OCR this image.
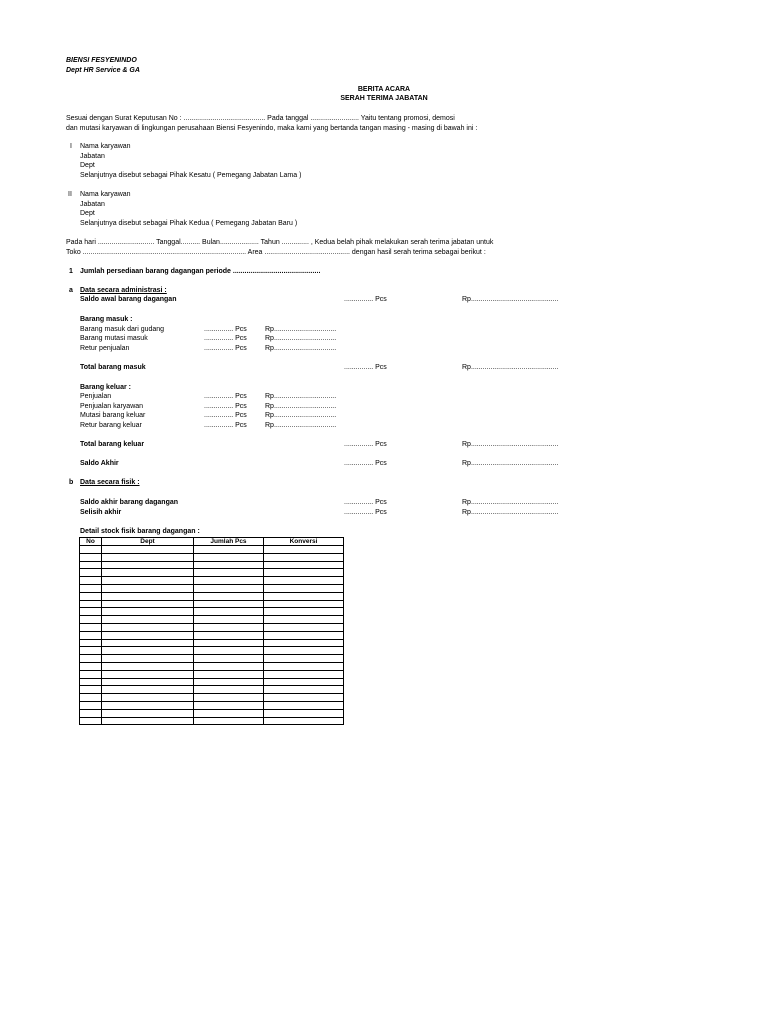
BIENSI FESYENINDO
Dept HR Service & GA
BERITA ACARA
SERAH TERIMA JABATAN
Sesuai dengan Surat Keputusan No : .......................................... Pada tanggal ......................... Yaitu tentang promosi, demosi
dan mutasi karyawan di lingkungan perusahaan Biensi Fesyenindo, maka kami yang bertanda tangan masing - masing di bawah ini :
I Nama karyawan
Jabatan
Dept
Selanjutnya disebut sebagai Pihak Kesatu ( Pemegang Jabatan Lama )
II Nama karyawan
Jabatan
Dept
Selanjutnya disebut sebagai Pihak Kedua ( Pemegang Jabatan Baru )
Pada hari ............................. Tanggal.......... Bulan.................... Tahun .............. , Kedua belah pihak melakukan serah terima jabatan untuk
Toko .................................................................................... Area ............................................ dengan hasil serah terima sebagai berikut :
1 Jumlah persediaan barang dagangan periode .............................................
a Data secara administrasi :
Saldo awal barang dagangan	............... Pcs	Rp.............................................
Barang masuk :
Barang masuk dari gudang	............... Pcs	Rp................................
Barang mutasi masuk	............... Pcs	Rp................................
Retur penjualan	............... Pcs	Rp................................
Total barang masuk	............... Pcs	Rp.............................................
Barang keluar :
Penjualan	............... Pcs	Rp................................
Penjualan karyawan	............... Pcs	Rp................................
Mutasi barang keluar	............... Pcs	Rp................................
Retur barang keluar	............... Pcs	Rp................................
Total barang keluar	............... Pcs	Rp.............................................
Saldo Akhir	............... Pcs	Rp.............................................
b Data secara fisik :
Saldo akhir barang dagangan	............... Pcs	Rp.............................................
Selisih akhir	............... Pcs	Rp.............................................
Detail stock fisik barang dagangan :
No	Dept	Jumlah Pcs	Konversi
